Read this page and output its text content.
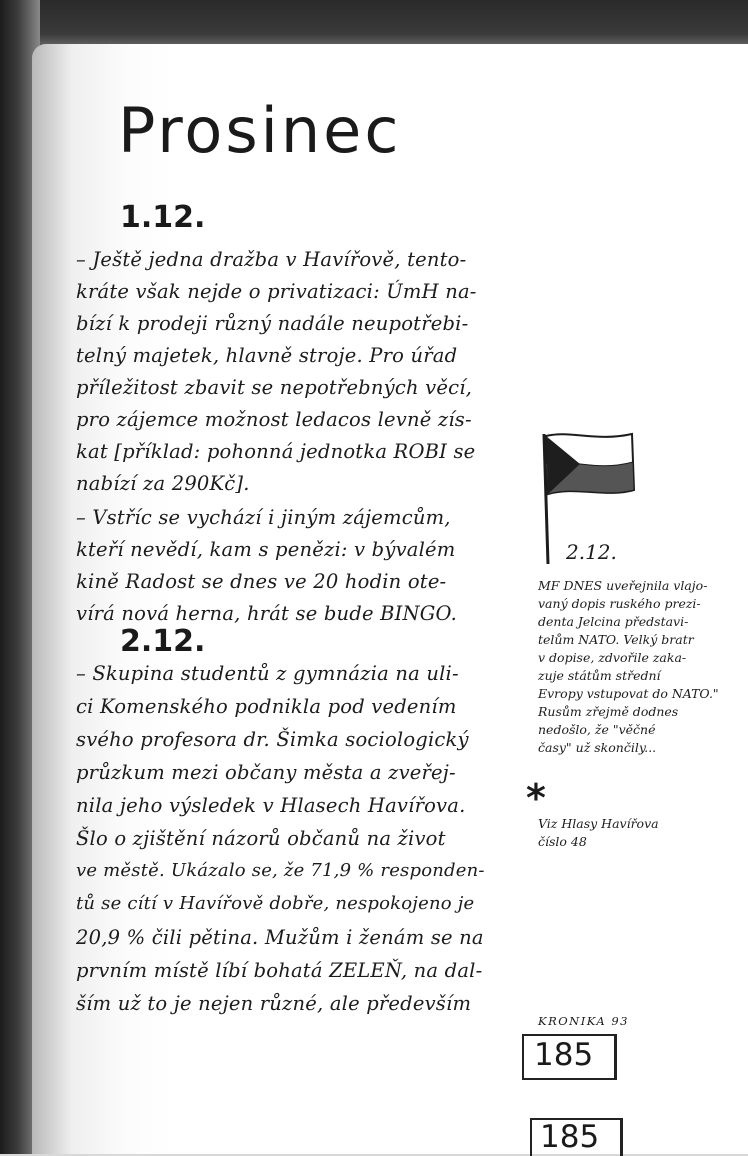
Prosinec
1.12.
– Ještě jedna dražba v Havířově, tento-
kráte však nejde o privatizaci: ÚmH na-
bízí k prodeji různý nadále neupotřebi-
telný majetek, hlavně stroje. Pro úřad
příležitost zbavit se nepotřebných věcí,
pro zájemce možnost ledacos levně zís-
kat [příklad: pohonná jednotka ROBI se
nabízí za 290Kč].
– Vstříc se vychází i jiným zájemcům,
kteří nevědí, kam s penězi: v bývalém
kině Radost se dnes ve 20 hodin ote-
vírá nová herna, hrát se bude BINGO.
2.12.
– Skupina studentů z gymnázia na uli-
ci Komenského podnikla pod vedením
svého profesora dr. Šimka sociologický
průzkum mezi občany města a zveřej-
nila jeho výsledek v Hlasech Havířova.
Šlo o zjištění názorů občanů na život
ve městě. Ukázalo se, že 71,9 % responden-
tů se cítí v Havířově dobře, nespokojeno je
20,9 % čili pětina. Mužům i ženám se na
prvním místě líbí bohatá ZELEŇ, na dal-
ším už to je nejen různé, ale především
2.12.
MF DNES uveřejnila vlajo-
vaný dopis ruského prezi-
denta Jelcina představi-
telům NATO. Velký bratr
v dopise, zdvořile zaka-
zuje státům střední
Evropy vstupovat do NATO."
Rusům zřejmě dodnes
nedošlo, že "věčné
časy" už skončily...
*
Viz Hlasy Havířova
číslo 48
KRONIKA 93
185
185
